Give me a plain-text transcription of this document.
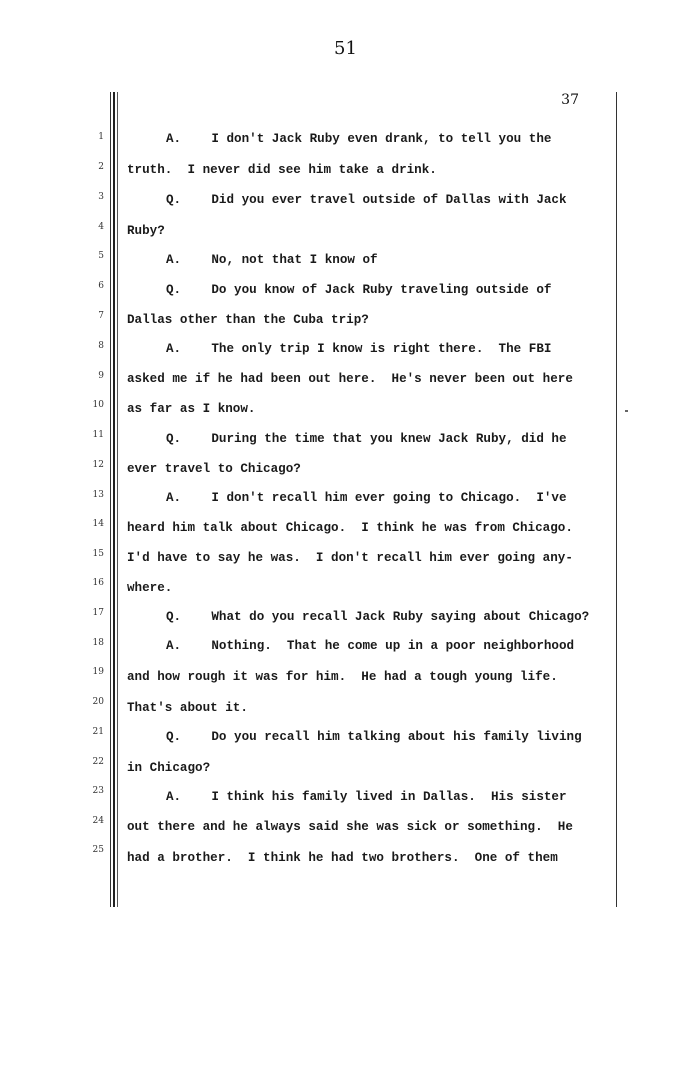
51
37
1
2
3
4
5
6
7
8
9
10
11
12
13
14
15
16
17
18
19
20
21
22
23
24
25
A.    I don't Jack Ruby even drank, to tell you the
truth.  I never did see him take a drink.
Q.    Did you ever travel outside of Dallas with Jack
Ruby?
A.    No, not that I know of
Q.    Do you know of Jack Ruby traveling outside of
Dallas other than the Cuba trip?
A.    The only trip I know is right there.  The FBI
asked me if he had been out here.  He's never been out here
as far as I know.
Q.    During the time that you knew Jack Ruby, did he
ever travel to Chicago?
A.    I don't recall him ever going to Chicago.  I've
heard him talk about Chicago.  I think he was from Chicago.
I'd have to say he was.  I don't recall him ever going any-
where.
Q.    What do you recall Jack Ruby saying about Chicago?
A.    Nothing.  That he come up in a poor neighborhood
and how rough it was for him.  He had a tough young life.
That's about it.
Q.    Do you recall him talking about his family living
in Chicago?
A.    I think his family lived in Dallas.  His sister
out there and he always said she was sick or something.  He
had a brother.  I think he had two brothers.  One of them
